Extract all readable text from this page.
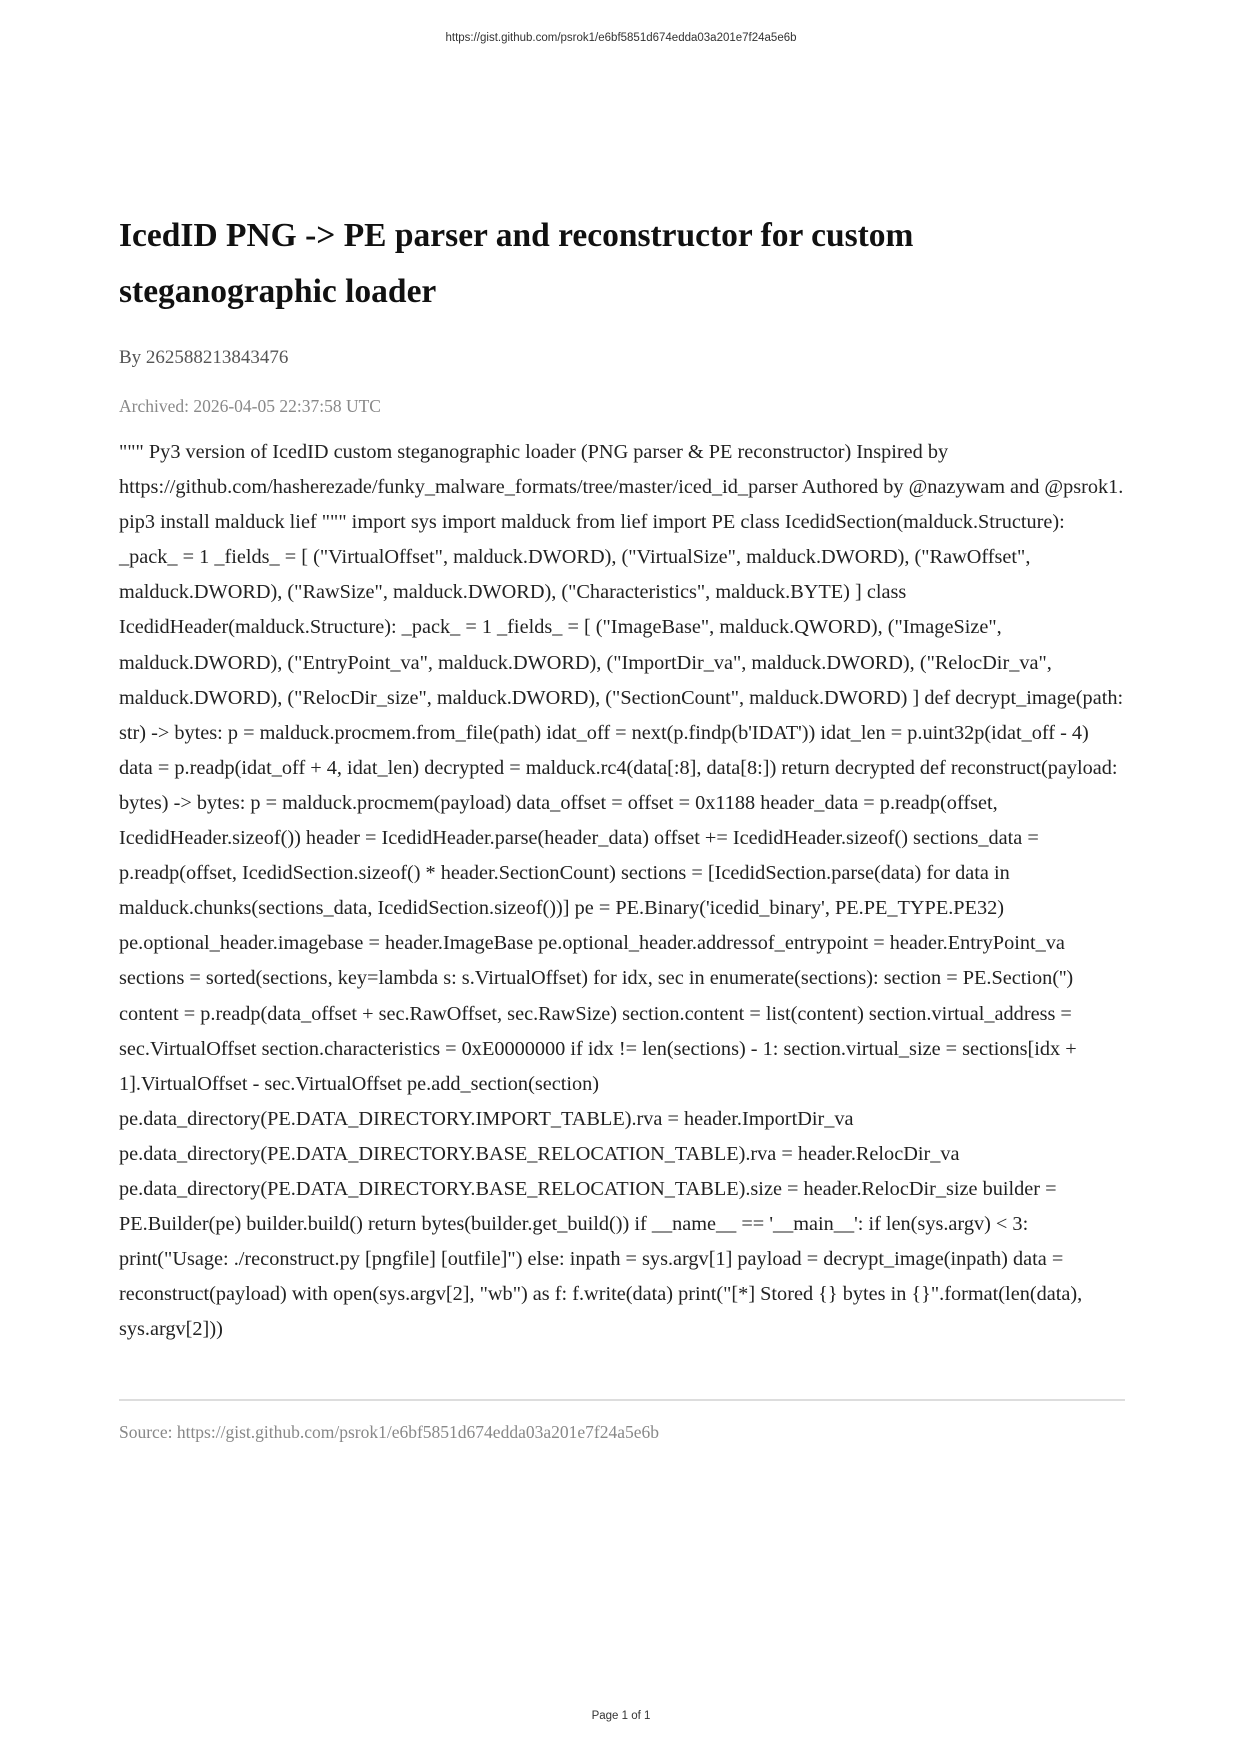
https://gist.github.com/psrok1/e6bf5851d674edda03a201e7f24a5e6b
IcedID PNG -> PE parser and reconstructor for custom steganographic loader
By 262588213843476
Archived: 2026-04-05 22:37:58 UTC
""" Py3 version of IcedID custom steganographic loader (PNG parser & PE reconstructor) Inspired by https://github.com/hasherezade/funky_malware_formats/tree/master/iced_id_parser Authored by @nazywam and @psrok1. pip3 install malduck lief """ import sys import malduck from lief import PE class IcedidSection(malduck.Structure): _pack_ = 1 _fields_ = [ ("VirtualOffset", malduck.DWORD), ("VirtualSize", malduck.DWORD), ("RawOffset", malduck.DWORD), ("RawSize", malduck.DWORD), ("Characteristics", malduck.BYTE) ] class IcedidHeader(malduck.Structure): _pack_ = 1 _fields_ = [ ("ImageBase", malduck.QWORD), ("ImageSize", malduck.DWORD), ("EntryPoint_va", malduck.DWORD), ("ImportDir_va", malduck.DWORD), ("RelocDir_va", malduck.DWORD), ("RelocDir_size", malduck.DWORD), ("SectionCount", malduck.DWORD) ] def decrypt_image(path: str) -> bytes: p = malduck.procmem.from_file(path) idat_off = next(p.findp(b'IDAT')) idat_len = p.uint32p(idat_off - 4) data = p.readp(idat_off + 4, idat_len) decrypted = malduck.rc4(data[:8], data[8:]) return decrypted def reconstruct(payload: bytes) -> bytes: p = malduck.procmem(payload) data_offset = offset = 0x1188 header_data = p.readp(offset, IcedidHeader.sizeof()) header = IcedidHeader.parse(header_data) offset += IcedidHeader.sizeof() sections_data = p.readp(offset, IcedidSection.sizeof() * header.SectionCount) sections = [IcedidSection.parse(data) for data in malduck.chunks(sections_data, IcedidSection.sizeof())] pe = PE.Binary('icedid_binary', PE.PE_TYPE.PE32) pe.optional_header.imagebase = header.ImageBase pe.optional_header.addressof_entrypoint = header.EntryPoint_va sections = sorted(sections, key=lambda s: s.VirtualOffset) for idx, sec in enumerate(sections): section = PE.Section('') content = p.readp(data_offset + sec.RawOffset, sec.RawSize) section.content = list(content) section.virtual_address = sec.VirtualOffset section.characteristics = 0xE0000000 if idx != len(sections) - 1: section.virtual_size = sections[idx + 1].VirtualOffset - sec.VirtualOffset pe.add_section(section) pe.data_directory(PE.DATA_DIRECTORY.IMPORT_TABLE).rva = header.ImportDir_va pe.data_directory(PE.DATA_DIRECTORY.BASE_RELOCATION_TABLE).rva = header.RelocDir_va pe.data_directory(PE.DATA_DIRECTORY.BASE_RELOCATION_TABLE).size = header.RelocDir_size builder = PE.Builder(pe) builder.build() return bytes(builder.get_build()) if __name__ == '__main__': if len(sys.argv) < 3: print("Usage: ./reconstruct.py [pngfile] [outfile]") else: inpath = sys.argv[1] payload = decrypt_image(inpath) data = reconstruct(payload) with open(sys.argv[2], "wb") as f: f.write(data) print("[*] Stored {} bytes in {}".format(len(data), sys.argv[2]))
Source: https://gist.github.com/psrok1/e6bf5851d674edda03a201e7f24a5e6b
Page 1 of 1
